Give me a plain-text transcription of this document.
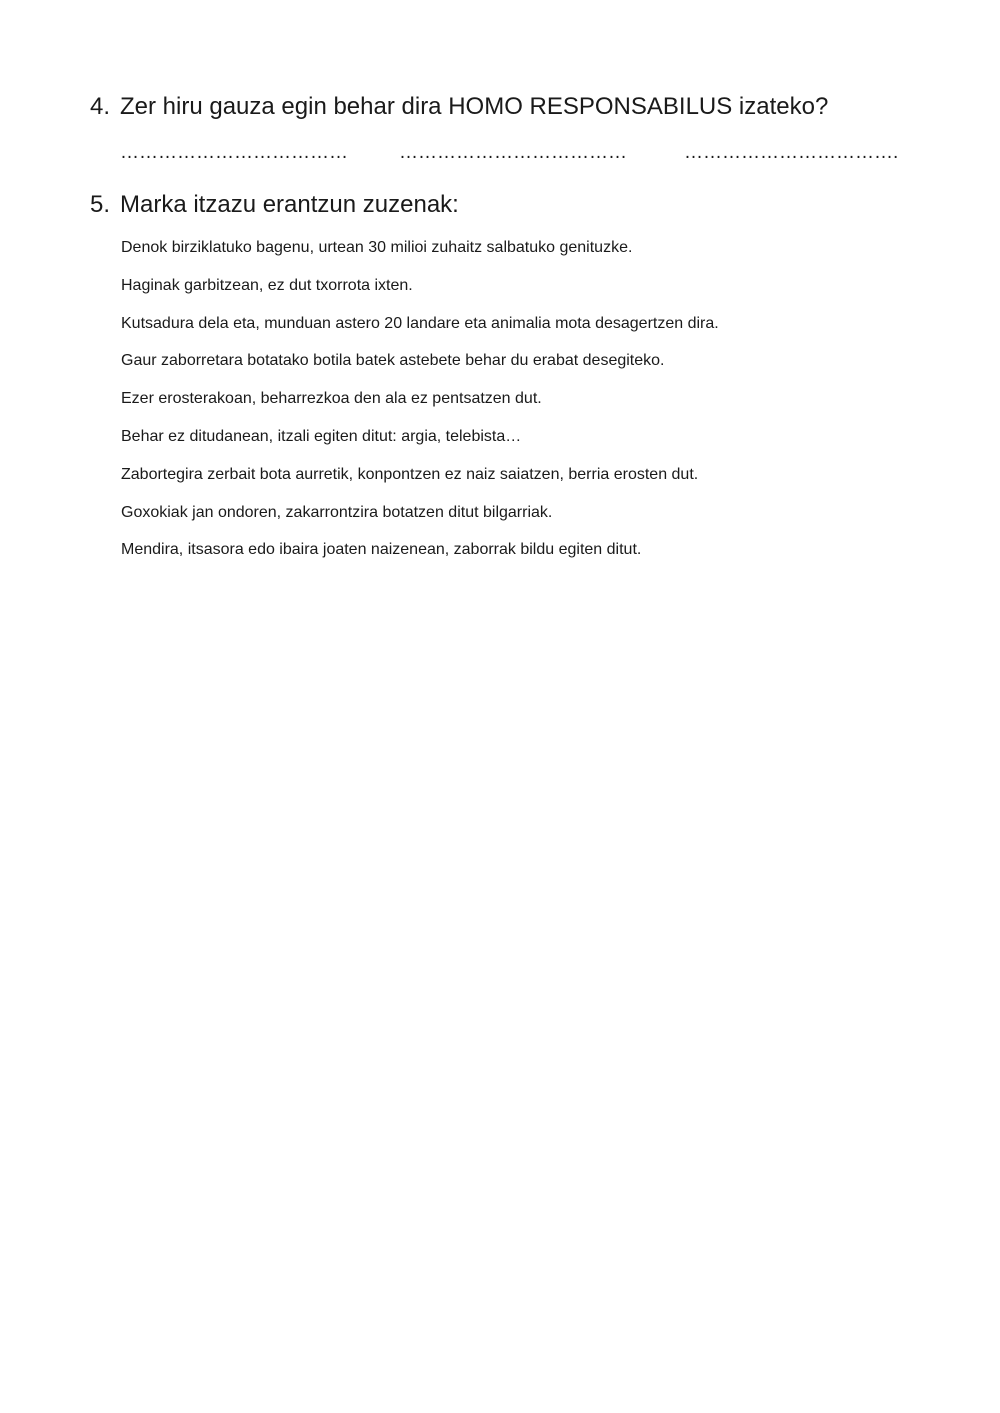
4. Zer hiru gauza egin behar dira HOMO RESPONSABILUS izateko?
………………………………	………………………………	…………………………….
5. Marka itzazu erantzun zuzenak:
Denok birziklatuko bagenu, urtean 30 milioi zuhaitz salbatuko genituzke.
Haginak garbitzean, ez dut txorrota ixten.
Kutsadura dela eta, munduan astero 20 landare eta animalia mota desagertzen dira.
Gaur zaborretara botatako botila batek astebete behar du erabat desegiteko.
Ezer erosterakoan, beharrezkoa den ala ez pentsatzen dut.
Behar ez ditudanean, itzali egiten ditut: argia, telebista…
Zabortegira zerbait bota aurretik, konpontzen ez naiz saiatzen, berria erosten dut.
Goxokiak jan ondoren, zakarrontzira botatzen ditut bilgarriak.
Mendira, itsasora edo ibaira joaten naizenean, zaborrak bildu egiten ditut.
